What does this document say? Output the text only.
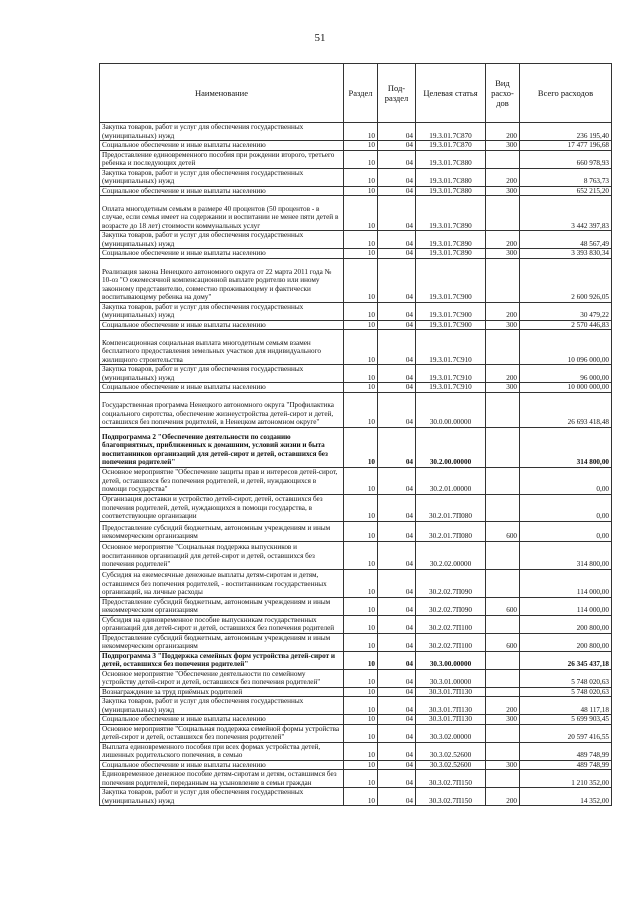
51
Наименование	Раздел	Под-раздел	Целевая статья	Вид расхо-дов	Всего расходов
Закупка товаров, работ и услуг для обеспечения государственных (муниципальных) нужд	10	04	19.3.01.7С870	200	236 195,40
Социальное обеспечение и иные выплаты населению	10	04	19.3.01.7С870	300	17 477 196,68
Предоставление единовременного пособия при рождении второго, третьего ребенка и последующих детей	10	04	19.3.01.7С880		660 978,93
Закупка товаров, работ и услуг для обеспечения государственных (муниципальных) нужд	10	04	19.3.01.7С880	200	8 763,73
Социальное обеспечение и иные выплаты населению	10	04	19.3.01.7С880	300	652 215,20
Оплата многодетным семьям в размере 40 процентов (50 процентов - в случае, если семья имеет на содержании и воспитании не менее пяти детей в возрасте до 18 лет) стоимости коммунальных услуг	10	04	19.3.01.7С890		3 442 397,83
Закупка товаров, работ и услуг для обеспечения государственных (муниципальных) нужд	10	04	19.3.01.7С890	200	48 567,49
Социальное обеспечение и иные выплаты населению	10	04	19.3.01.7С890	300	3 393 830,34
Реализация закона Ненецкого автономного округа от 22 марта 2011 года № 10-оз "О ежемесячной компенсационной выплате родителю или иному законному представителю, совместно проживающему и фактически воспитывающему ребенка на дому"	10	04	19.3.01.7С900		2 600 926,05
Закупка товаров, работ и услуг для обеспечения государственных (муниципальных) нужд	10	04	19.3.01.7С900	200	30 479,22
Социальное обеспечение и иные выплаты населению	10	04	19.3.01.7С900	300	2 570 446,83
Компенсационная социальная выплата многодетным семьям взамен бесплатного предоставления земельных участков для индивидуального жилищного строительства	10	04	19.3.01.7С910		10 096 000,00
Закупка товаров, работ и услуг для обеспечения государственных (муниципальных) нужд	10	04	19.3.01.7С910	200	96 000,00
Социальное обеспечение и иные выплаты населению	10	04	19.3.01.7С910	300	10 000 000,00
Государственная программа Ненецкого автономного округа "Профилактика социального сиротства, обеспечение жизнеустройства детей-сирот и детей, оставшихся без попечения родителей, в Ненецком автономном округе"	10	04	30.0.00.00000		26 693 418,48
Подпрограмма 2 "Обеспечение деятельности по созданию благоприятных, приближенных к домашним, условий жизни и быта воспитанников организаций для детей-сирот и детей, оставшихся без попечения родителей"	10	04	30.2.00.00000		314 800,00
Основное мероприятие "Обеспечение защиты прав и интересов детей-сирот, детей, оставшихся без попечения родителей, и детей, нуждающихся в помощи государства"	10	04	30.2.01.00000		0,00
Организация доставки и устройство детей-сирот, детей, оставшихся без попечения родителей, детей, нуждающихся в помощи государства, в соответствующие организации	10	04	30.2.01.7П080		0,00
Предоставление субсидий бюджетным, автономным учреждениям и иным некоммерческим организациям	10	04	30.2.01.7П080	600	0,00
Основное мероприятие "Социальная поддержка выпускников и воспитанников организаций для детей-сирот и детей, оставшихся без попечения родителей"	10	04	30.2.02.00000		314 800,00
Субсидия на ежемесячные денежные выплаты детям-сиротам и детям, оставшимся без попечения родителей, - воспитанникам государственных организаций, на личные расходы	10	04	30.2.02.7П090		114 000,00
Предоставление субсидий бюджетным, автономным учреждениям и иным некоммерческим организациям	10	04	30.2.02.7П090	600	114 000,00
Субсидия на единовременное пособие выпускникам государственных организаций для детей-сирот и детей, оставшихся без попечения родителей	10	04	30.2.02.7П100		200 800,00
Предоставление субсидий бюджетным, автономным учреждениям и иным некоммерческим организациям	10	04	30.2.02.7П100	600	200 800,00
Подпрограмма 3 "Поддержка семейных форм устройства детей-сирот и детей, оставшихся без попечения родителей"	10	04	30.3.00.00000		26 345 437,18
Основное мероприятие "Обеспечение деятельности по семейному устройству детей-сирот и детей, оставшихся без попечения родителей"	10	04	30.3.01.00000		5 748 020,63
Вознаграждение за труд приёмных родителей	10	04	30.3.01.7П130		5 748 020,63
Закупка товаров, работ и услуг для обеспечения государственных (муниципальных) нужд	10	04	30.3.01.7П130	200	48 117,18
Социальное обеспечение и иные выплаты населению	10	04	30.3.01.7П130	300	5 699 903,45
Основное мероприятие "Социальная поддержка семейной формы устройства детей-сирот и детей, оставшихся без попечения родителей"	10	04	30.3.02.00000		20 597 416,55
Выплата единовременного пособия при всех формах устройства детей, лишенных родительского попечения, в семью	10	04	30.3.02.52600		489 748,99
Социальное обеспечение и иные выплаты населению	10	04	30.3.02.52600	300	489 748,99
Единовременное денежное пособие детям-сиротам и детям, оставшимся без попечения родителей, переданным на усыновление в семьи граждан	10	04	30.3.02.7П150		1 210 352,00
Закупка товаров, работ и услуг для обеспечения государственных (муниципальных) нужд	10	04	30.3.02.7П150	200	14 352,00
